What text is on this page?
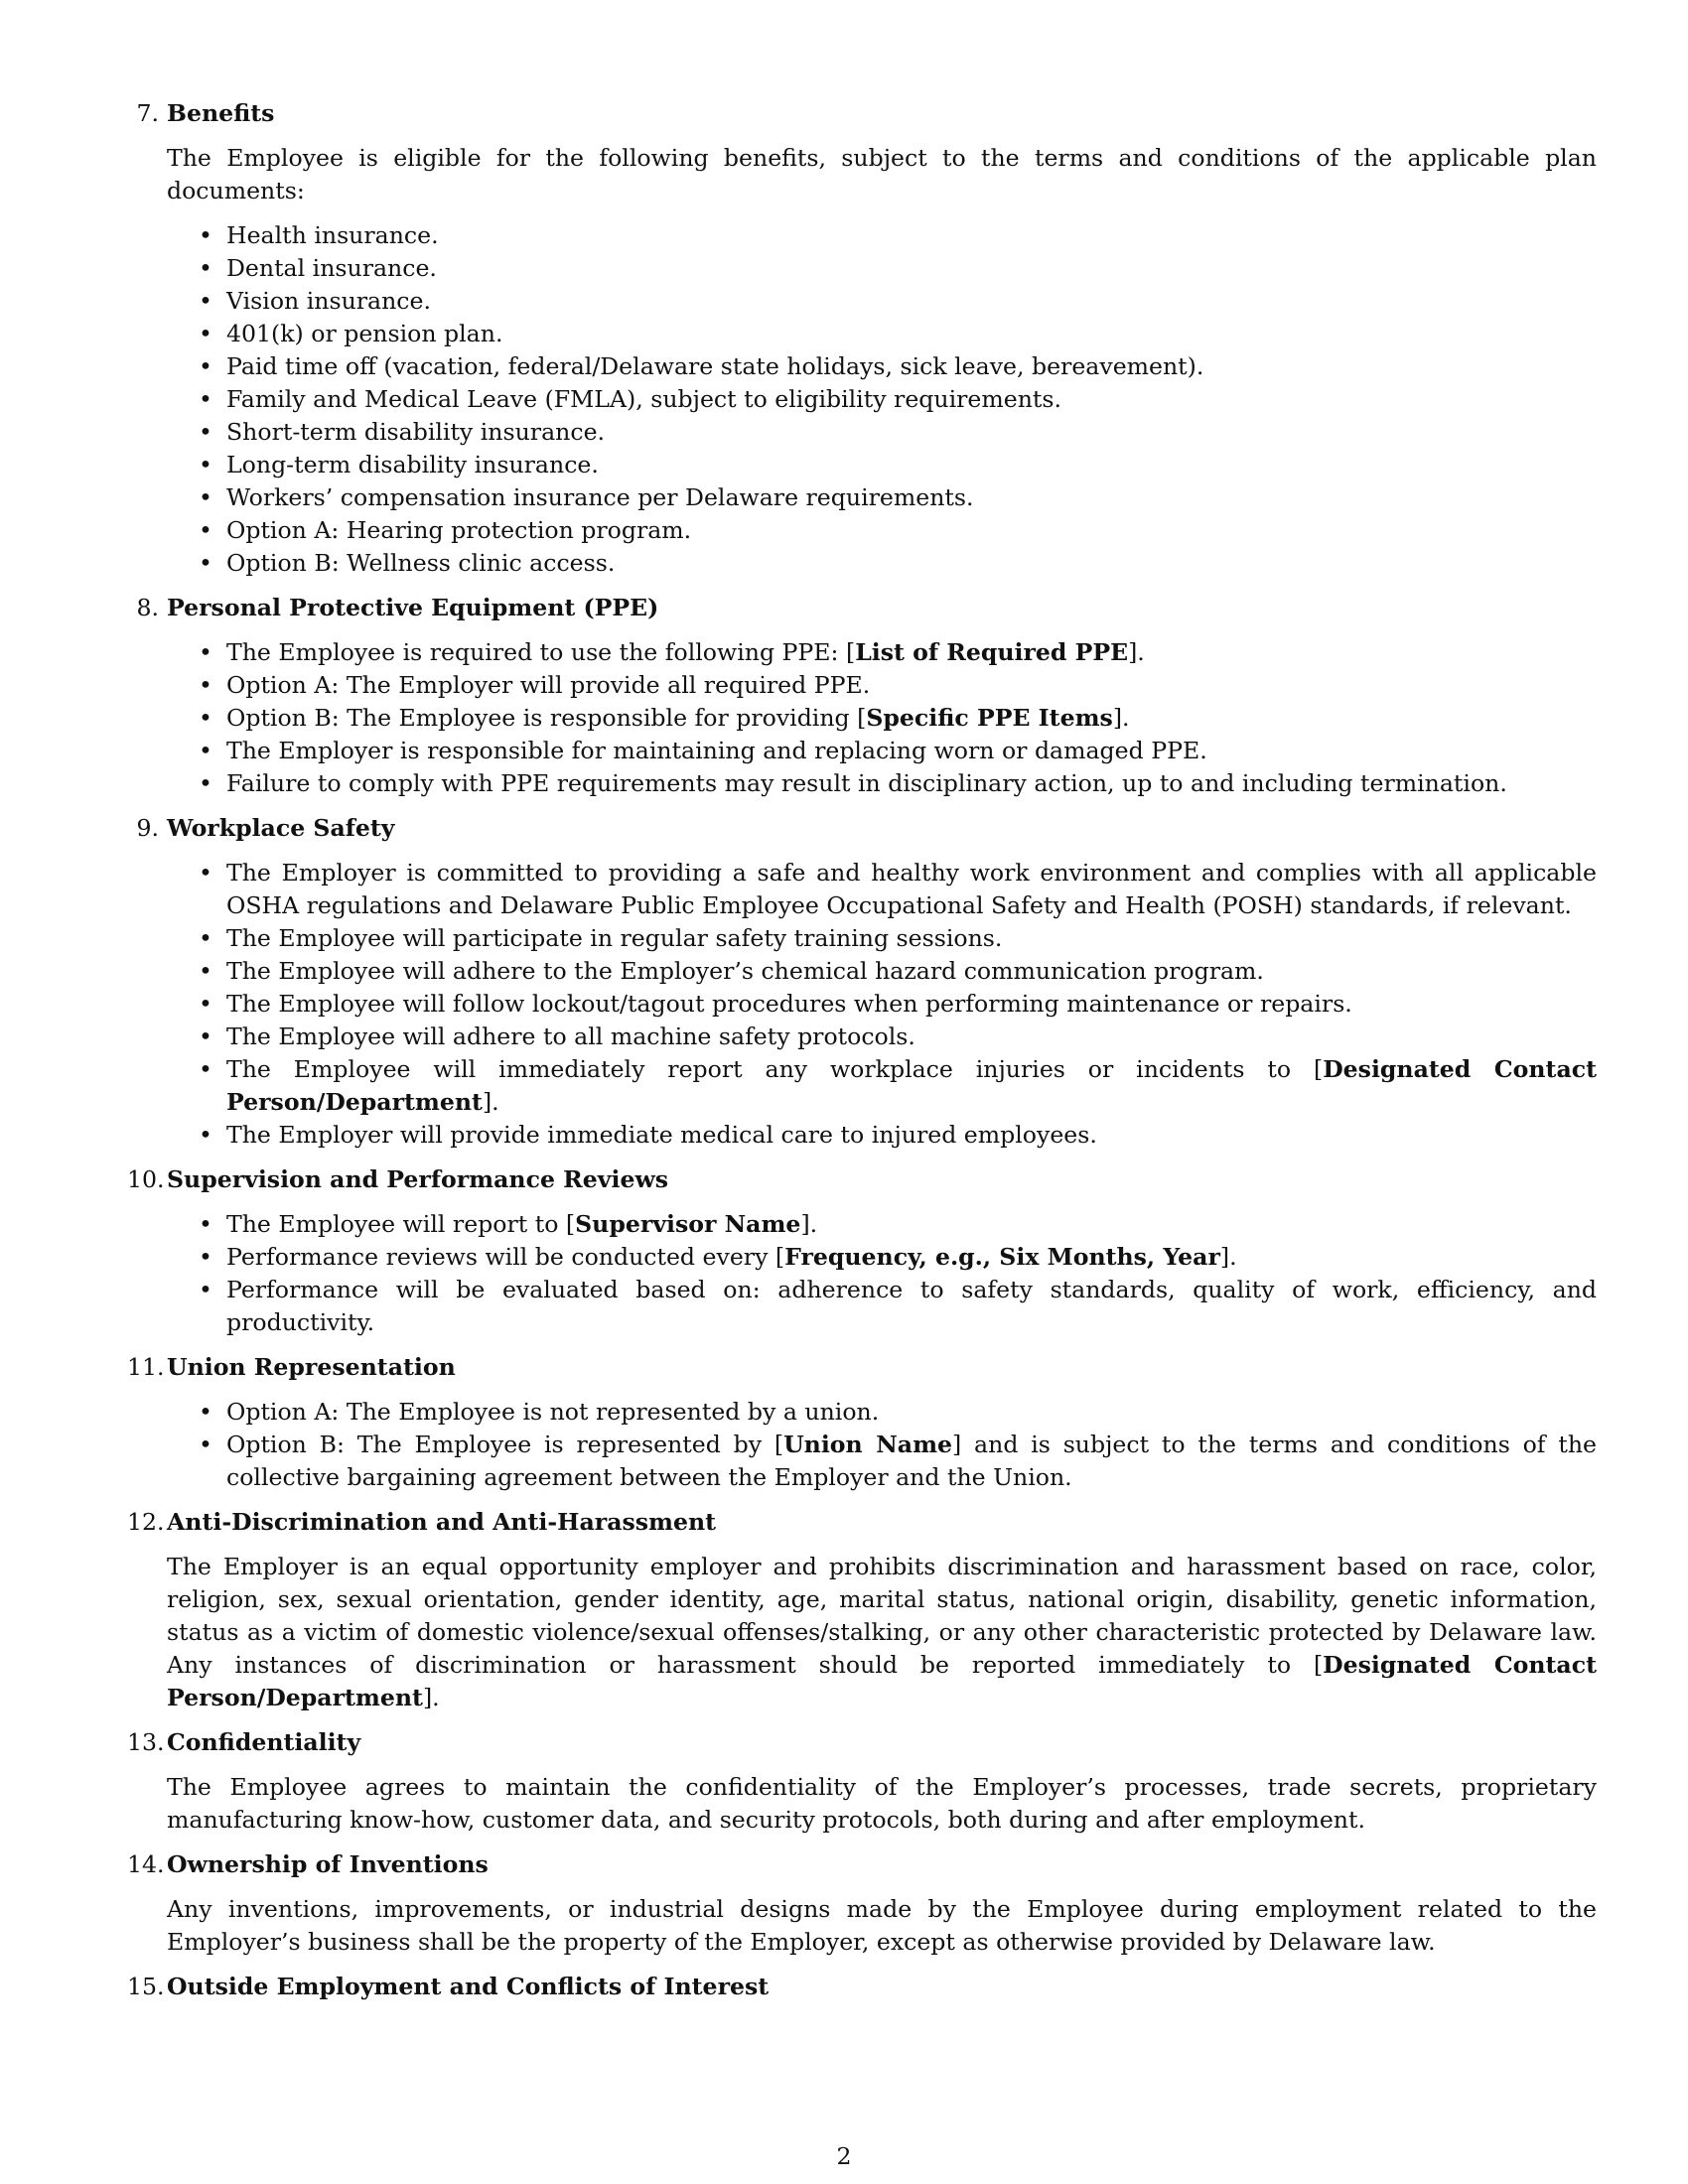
7. Benefits

The Employee is eligible for the following benefits, subject to the terms and conditions of the applicable plan documents:

• Health insurance.
• Dental insurance.
• Vision insurance.
• 401(k) or pension plan.
• Paid time off (vacation, federal/Delaware state holidays, sick leave, bereavement).
• Family and Medical Leave (FMLA), subject to eligibility requirements.
• Short-term disability insurance.
• Long-term disability insurance.
• Workers’ compensation insurance per Delaware requirements.
• Option A: Hearing protection program.
• Option B: Wellness clinic access.
8. Personal Protective Equipment (PPE)
• The Employee is required to use the following PPE: [List of Required PPE].
• Option A: The Employer will provide all required PPE.
• Option B: The Employee is responsible for providing [Specific PPE Items].
• The Employer is responsible for maintaining and replacing worn or damaged PPE.
• Failure to comply with PPE requirements may result in disciplinary action, up to and including termination.
9. Workplace Safety
• The Employer is committed to providing a safe and healthy work environment and complies with all applicable OSHA regulations and Delaware Public Employee Occupational Safety and Health (POSH) standards, if relevant.
• The Employee will participate in regular safety training sessions.
• The Employee will adhere to the Employer’s chemical hazard communication program.
• The Employee will follow lockout/tagout procedures when performing maintenance or repairs.
• The Employee will adhere to all machine safety protocols.
• The Employee will immediately report any workplace injuries or incidents to [Designated Contact Person/Department].
• The Employer will provide immediate medical care to injured employees.
10. Supervision and Performance Reviews
• The Employee will report to [Supervisor Name].
• Performance reviews will be conducted every [Frequency, e.g., Six Months, Year].
• Performance will be evaluated based on: adherence to safety standards, quality of work, efficiency, and productivity.
11. Union Representation
• Option A: The Employee is not represented by a union.
• Option B: The Employee is represented by [Union Name] and is subject to the terms and conditions of the collective bargaining agreement between the Employer and the Union.
12. Anti-Discrimination and Anti-Harassment

The Employer is an equal opportunity employer and prohibits discrimination and harassment based on race, color, religion, sex, sexual orientation, gender identity, age, marital status, national origin, disability, genetic information, status as a victim of domestic violence/sexual offenses/stalking, or any other characteristic protected by Delaware law. Any instances of discrimination or harassment should be reported immediately to [Designated Contact Person/Department].

13. Confidentiality

The Employee agrees to maintain the confidentiality of the Employer’s processes, trade secrets, proprietary manufacturing know-how, customer data, and security protocols, both during and after employment.

14. Ownership of Inventions

Any inventions, improvements, or industrial designs made by the Employee during employment related to the Employer’s business shall be the property of the Employer, except as otherwise provided by Delaware law.

15. Outside Employment and Conflicts of Interest
2
